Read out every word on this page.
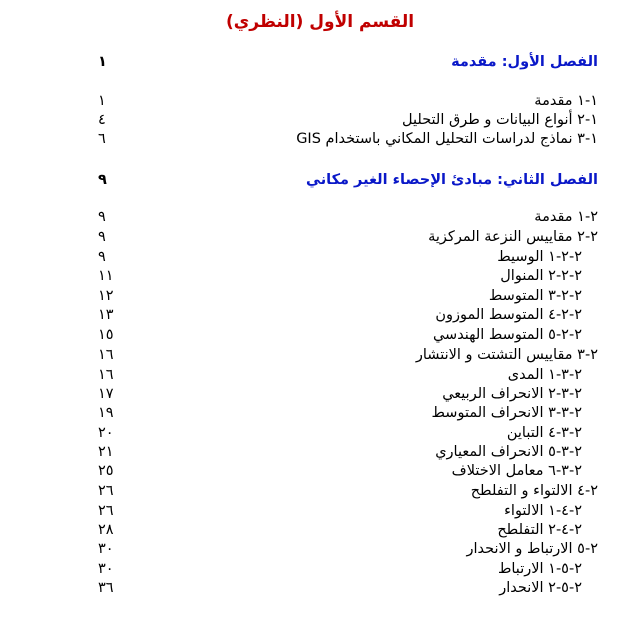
القسم الأول (النظري)
الفصل الأول: مقدمة
١
١-١ مقدمة
١
١-٢ أنواع البيانات و طرق التحليل
٤
١-٣ نماذج لدراسات التحليل المكاني باستخدام GIS
٦
الفصل الثاني: مبادئ الإحصاء الغير مكاني
٩
٢-١ مقدمة
٩
٢-٢ مقاييس النزعة المركزية
٩
٢-٢-١ الوسيط
٩
٢-٢-٢ المنوال
١١
٢-٢-٣ المتوسط
١٢
٢-٢-٤ المتوسط الموزون
١٣
٢-٢-٥ المتوسط الهندسي
١٥
٢-٣ مقاييس التشتت و الانتشار
١٦
٢-٣-١ المدى
١٦
٢-٣-٢ الانحراف الربيعي
١٧
٢-٣-٣ الانحراف المتوسط
١٩
٢-٣-٤ التباين
٢٠
٢-٣-٥ الانحراف المعياري
٢١
٢-٣-٦ معامل الاختلاف
٢٥
٢-٤ الالتواء و التفلطح
٢٦
٢-٤-١ الالتواء
٢٦
٢-٤-٢ التفلطح
٢٨
٢-٥ الارتباط و الانحدار
٣٠
٢-٥-١ الارتباط
٣٠
٢-٥-٢ الانحدار
٣٦
